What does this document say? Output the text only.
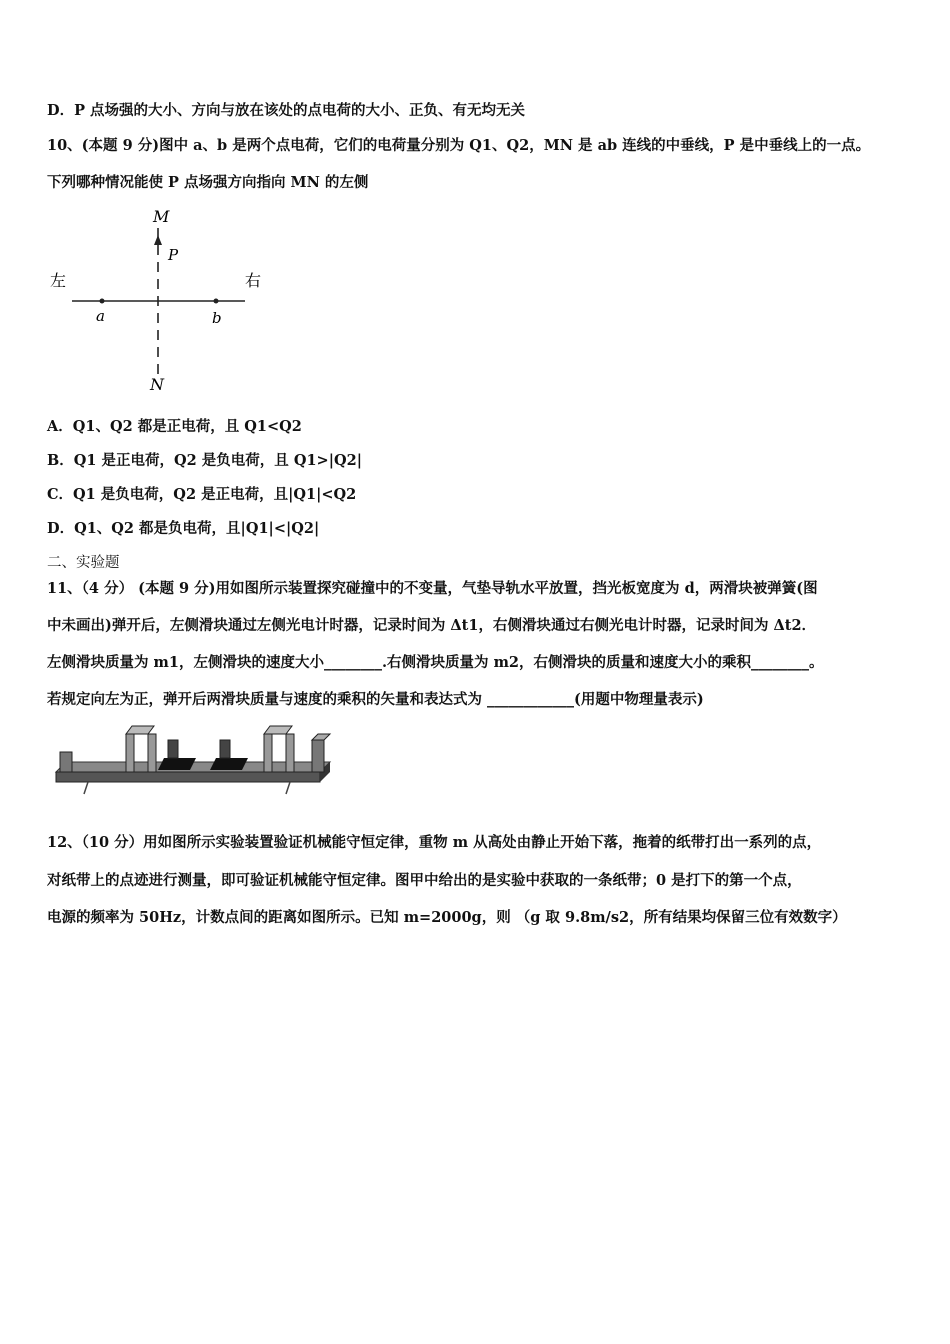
D．P 点场强的大小、方向与放在该处的点电荷的大小、正负、有无均无关
10、(本题 9 分)图中 a、b 是两个点电荷，它们的电荷量分别为 Q1、Q2，MN 是 ab 连线的中垂线，P 是中垂线上的一点。
下列哪种情况能使 P 点场强方向指向 MN 的左侧
M
P
N
左	右
a	b
A．Q1、Q2 都是正电荷，且 Q1<Q2
B．Q1 是正电荷，Q2 是负电荷，且 Q1>|Q2|
C．Q1 是负电荷，Q2 是正电荷，且|Q1|<Q2
D．Q1、Q2 都是负电荷，且|Q1|<|Q2|
二、实验题
11、（4 分） (本题 9 分)用如图所示装置探究碰撞中的不变量，气垫导轨水平放置，挡光板宽度为 d，两滑块被弹簧(图
中未画出)弹开后，左侧滑块通过左侧光电计时器，记录时间为 Δt1，右侧滑块通过右侧光电计时器，记录时间为 Δt2．
左侧滑块质量为 m1，左侧滑块的速度大小________.右侧滑块质量为 m2，右侧滑块的质量和速度大小的乘积________。
若规定向左为正，弹开后两滑块质量与速度的乘积的矢量和表达式为 ____________(用题中物理量表示)
12、（10 分）用如图所示实验装置验证机械能守恒定律，重物 m 从高处由静止开始下落，拖着的纸带打出一系列的点，
对纸带上的点迹进行测量，即可验证机械能守恒定律。图甲中给出的是实验中获取的一条纸带；0 是打下的第一个点，
电源的频率为 50Hz，计数点间的距离如图所示。已知 m=2000g，则 （g 取 9.8m/s2，所有结果均保留三位有效数字）
